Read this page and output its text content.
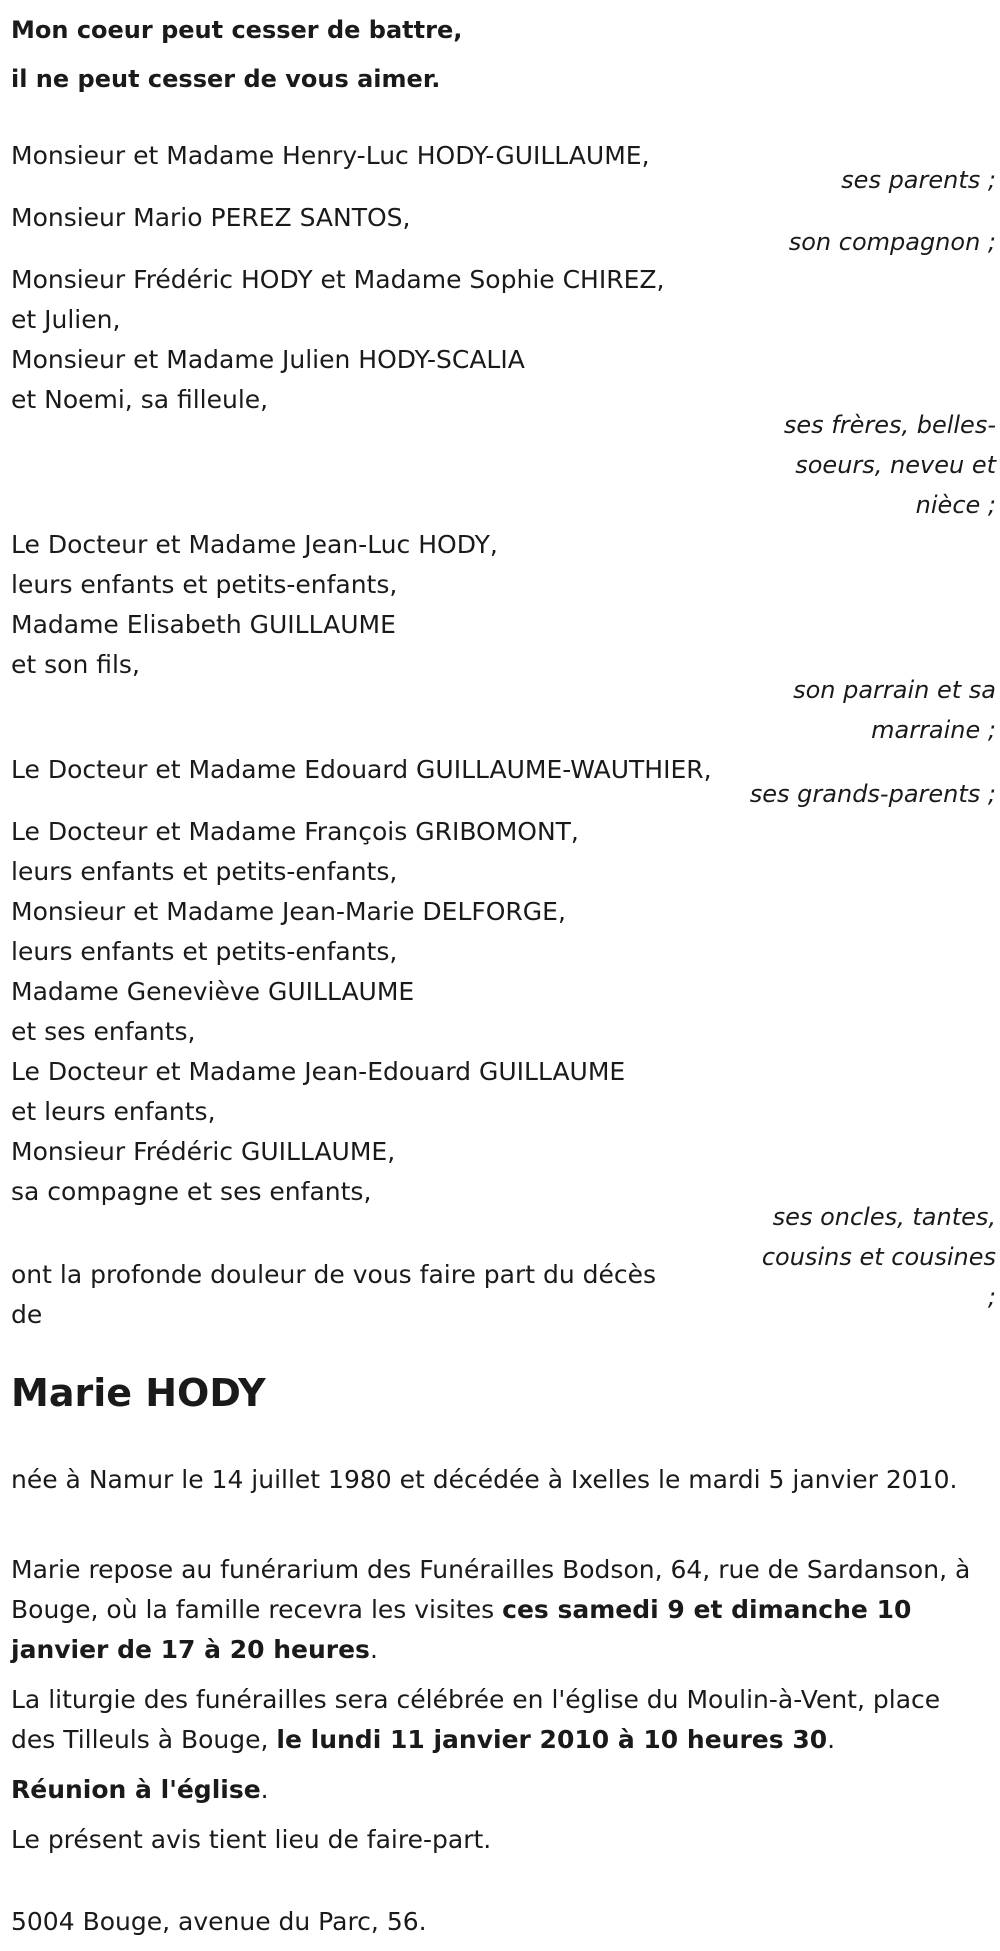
Mon coeur peut cesser de battre,
il ne peut cesser de vous aimer.
Monsieur et Madame Henry-Luc HODY-GUILLAUME,
ses parents ;
Monsieur Mario PEREZ SANTOS,
son compagnon ;
Monsieur Frédéric HODY et Madame Sophie CHIREZ,
et Julien,
Monsieur et Madame Julien HODY-SCALIA
et Noemi, sa filleule,
ses frères, belles-
soeurs, neveu et
nièce ;
Le Docteur et Madame Jean-Luc HODY,
leurs enfants et petits-enfants,
Madame Elisabeth GUILLAUME
et son fils,
son parrain et sa
marraine ;
Le Docteur et Madame Edouard GUILLAUME-WAUTHIER,
ses grands-parents ;
Le Docteur et Madame François GRIBOMONT,
leurs enfants et petits-enfants,
Monsieur et Madame Jean-Marie DELFORGE,
leurs enfants et petits-enfants,
Madame Geneviève GUILLAUME
et ses enfants,
Le Docteur et Madame Jean-Edouard GUILLAUME
et leurs enfants,
Monsieur Frédéric GUILLAUME,
sa compagne et ses enfants,
ses oncles, tantes,
cousins et cousines
;
ont la profonde douleur de vous faire part du décès
de
Marie HODY

née à Namur le 14 juillet 1980 et décédée à Ixelles le mardi 5 janvier 2010.

Marie repose au funérarium des Funérailles Bodson, 64, rue de Sardanson, à Bouge, où la famille recevra les visites ces samedi 9 et dimanche 10 janvier de 17 à 20 heures.

La liturgie des funérailles sera célébrée en l'église du Moulin-à-Vent, place des Tilleuls à Bouge, le lundi 11 janvier 2010 à 10 heures 30.

Réunion à l'église.

Le présent avis tient lieu de faire-part.

5004 Bouge, avenue du Parc, 56.
